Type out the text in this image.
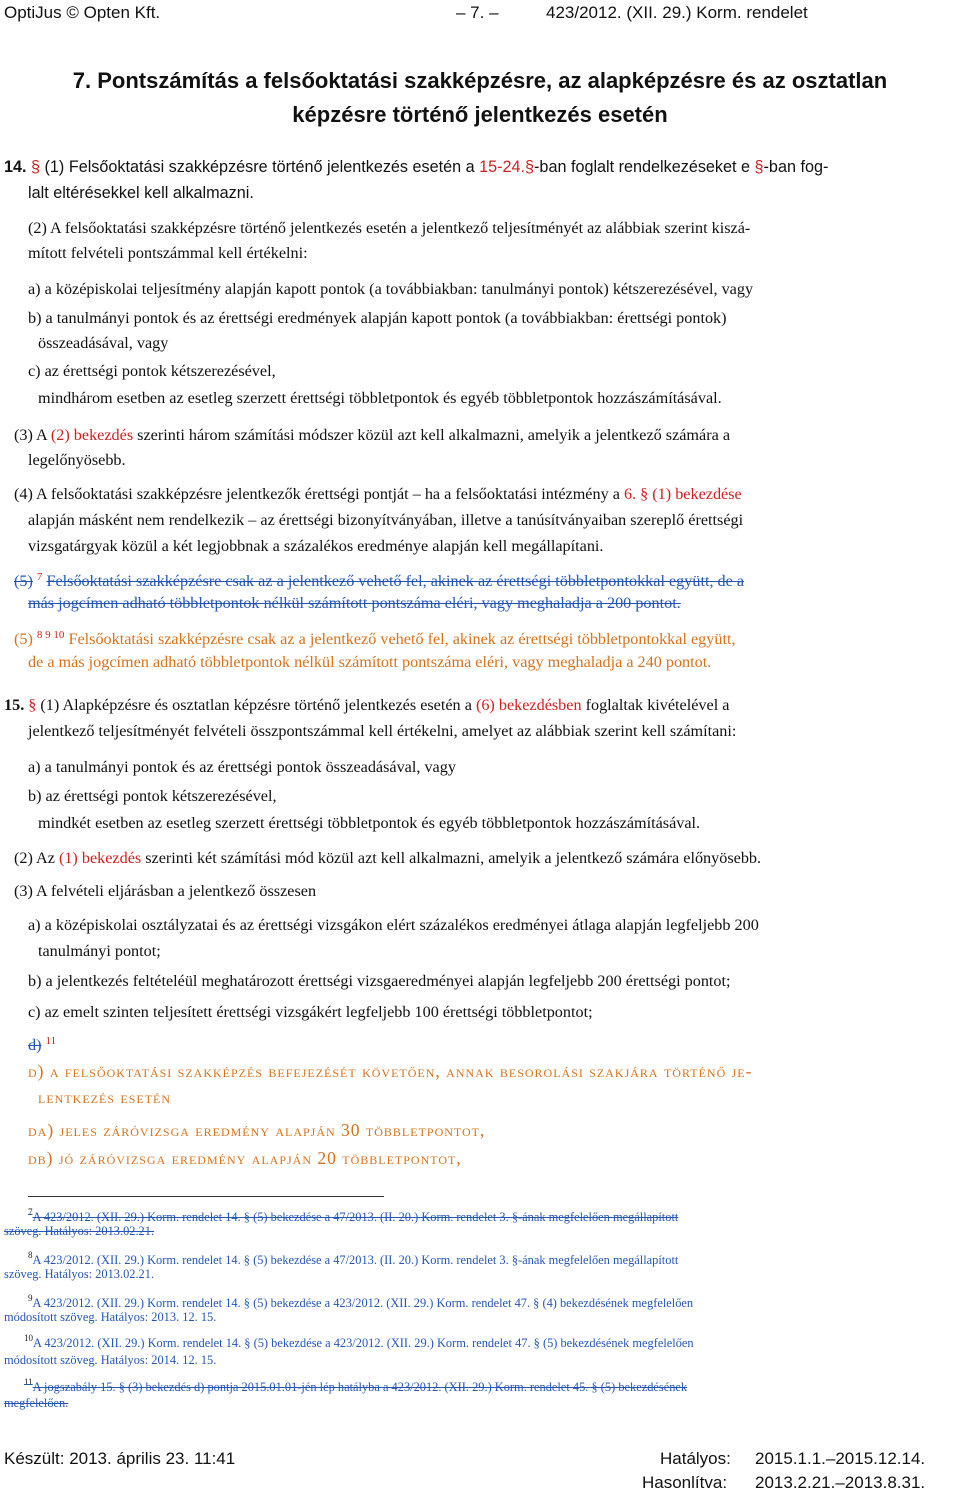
OptiJus © Opten Kft.	– 7. –	423/2012. (XII. 29.) Korm. rendelet
7. Pontszámítás a felsőoktatási szakképzésre, az alapképzésre és az osztatlan
képzésre történő jelentkezés esetén
14. § (1) Felsőoktatási szakképzésre történő jelentkezés esetén a 15-24.§-ban foglalt rendelkezéseket e §-ban fog-
lalt eltérésekkel kell alkalmazni.
(2) A felsőoktatási szakképzésre történő jelentkezés esetén a jelentkező teljesítményét az alábbiak szerint kiszá-
mított felvételi pontszámmal kell értékelni:
a) a középiskolai teljesítmény alapján kapott pontok (a továbbiakban: tanulmányi pontok) kétszerezésével, vagy
b) a tanulmányi pontok és az érettségi eredmények alapján kapott pontok (a továbbiakban: érettségi pontok)
összeadásával, vagy
c) az érettségi pontok kétszerezésével,
mindhárom esetben az esetleg szerzett érettségi többletpontok és egyéb többletpontok hozzászámításával.
(3) A (2) bekezdés szerinti három számítási módszer közül azt kell alkalmazni, amelyik a jelentkező számára a
legelőnyösebb.
(4) A felsőoktatási szakképzésre jelentkezők érettségi pontját – ha a felsőoktatási intézmény a 6. § (1) bekezdése
alapján másként nem rendelkezik – az érettségi bizonyítványában, illetve a tanúsítványaiban szereplő érettségi
vizsgatárgyak közül a két legjobbnak a százalékos eredménye alapján kell megállapítani.
(5) $^7$ Felsőoktatási szakképzésre csak az a jelentkező vehető fel, akinek az érettségi többletpontokkal együtt, de a
más jogcímen adható többletpontok nélkül számított pontszáma eléri, vagy meghaladja a 200 pontot.
(5) $^{8 9 10}$ Felsőoktatási szakképzésre csak az a jelentkező vehető fel, akinek az érettségi többletpontokkal együtt,
de a más jogcímen adható többletpontok nélkül számított pontszáma eléri, vagy meghaladja a 240 pontot.
15. § (1) Alapképzésre és osztatlan képzésre történő jelentkezés esetén a (6) bekezdésben foglaltak kivételével a
jelentkező teljesítményét felvételi összpontszámmal kell értékelni, amelyet az alábbiak szerint kell számítani:
a) a tanulmányi pontok és az érettségi pontok összeadásával, vagy
b) az érettségi pontok kétszerezésével,
mindkét esetben az esetleg szerzett érettségi többletpontok és egyéb többletpontok hozzászámításával.
(2) Az (1) bekezdés szerinti két számítási mód közül azt kell alkalmazni, amelyik a jelentkező számára előnyösebb.
(3) A felvételi eljárásban a jelentkező összesen
a) a középiskolai osztályzatai és az érettségi vizsgákon elért százalékos eredményei átlaga alapján legfeljebb 200
tanulmányi pontot;
b) a jelentkezés feltételéül meghatározott érettségi vizsgaeredményei alapján legfeljebb 200 érettségi pontot;
c) az emelt szinten teljesített érettségi vizsgákért legfeljebb 100 érettségi többletpontot;
d) $^{11}$
d) a felsőoktatási szakképzés befejezését követően, annak besorolási szakjára történő je-
lentkezés esetén
da) jeles záróvizsga eredmény alapján 30 többletpontot,
db) jó záróvizsga eredmény alapján 20 többletpontot,
$^7$A 423/2012. (XII. 29.) Korm. rendelet 14. § (5) bekezdése a 47/2013. (II. 20.) Korm. rendelet 3. §-ának megfelelően megállapított
szöveg. Hatályos: 2013.02.21.
$^8$A 423/2012. (XII. 29.) Korm. rendelet 14. § (5) bekezdése a 47/2013. (II. 20.) Korm. rendelet 3. §-ának megfelelően megállapított
szöveg. Hatályos: 2013.02.21.
$^9$A 423/2012. (XII. 29.) Korm. rendelet 14. § (5) bekezdése a 423/2012. (XII. 29.) Korm. rendelet 47. § (4) bekezdésének megfelelően
módosított szöveg. Hatályos: 2013. 12. 15.
$^{10}$A 423/2012. (XII. 29.) Korm. rendelet 14. § (5) bekezdése a 423/2012. (XII. 29.) Korm. rendelet 47. § (5) bekezdésének megfelelően
módosított szöveg. Hatályos: 2014. 12. 15.
$^{11}$A jogszabály 15. § (3) bekezdés d) pontja 2015.01.01-jén lép hatályba a 423/2012. (XII. 29.) Korm. rendelet 45. § (5) bekezdésének
megfelelően.
Készült: 2013. április 23. 11:41	Hatályos: 2015.1.1.–2015.12.14.
Hasonlítva: 2013.2.21.–2013.8.31.
